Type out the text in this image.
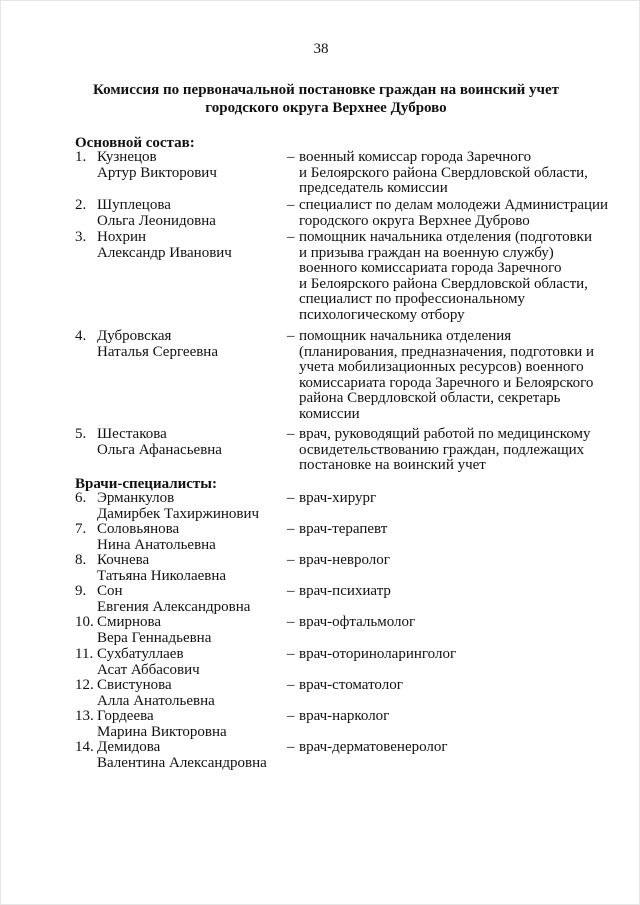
38
Комиссия по первоначальной постановке граждан на воинский учет
городского округа Верхнее Дуброво
Основной состав:
Врачи-специалисты:
1. Кузнецов
Артур Викторович
– военный комиссар города Заречного
и Белоярского района Свердловской области,
председатель комиссии
2. Шуплецова
Ольга Леонидовна
– специалист по делам молодежи Администрации
городского округа Верхнее Дуброво
3. Нохрин
Александр Иванович
– помощник начальника отделения (подготовки
и призыва граждан на военную службу)
военного комиссариата города Заречного
и Белоярского района Свердловской области,
специалист по профессиональному
психологическому отбору
4. Дубровская
Наталья Сергеевна
– помощник начальника отделения
(планирования, предназначения, подготовки и
учета мобилизационных ресурсов) военного
комиссариата города Заречного и Белоярского
района Свердловской области, секретарь
комиссии
5. Шестакова
Ольга Афанасьевна
– врач, руководящий работой по медицинскому
освидетельствованию граждан, подлежащих
постановке на воинский учет
6. Эрманкулов
Дамирбек Тахиржинович
– врач-хирург
7. Соловьянова
Нина Анатольевна
– врач-терапевт
8. Кочнева
Татьяна Николаевна
– врач-невролог
9. Сон
Евгения Александровна
– врач-психиатр
10. Смирнова
Вера Геннадьевна
– врач-офтальмолог
11. Сухбатуллаев
Асат Аббасович
– врач-оториноларинголог
12. Свистунова
Алла Анатольевна
– врач-стоматолог
13. Гордеева
Марина Викторовна
– врач-нарколог
14. Демидова
Валентина Александровна
– врач-дерматовенеролог
